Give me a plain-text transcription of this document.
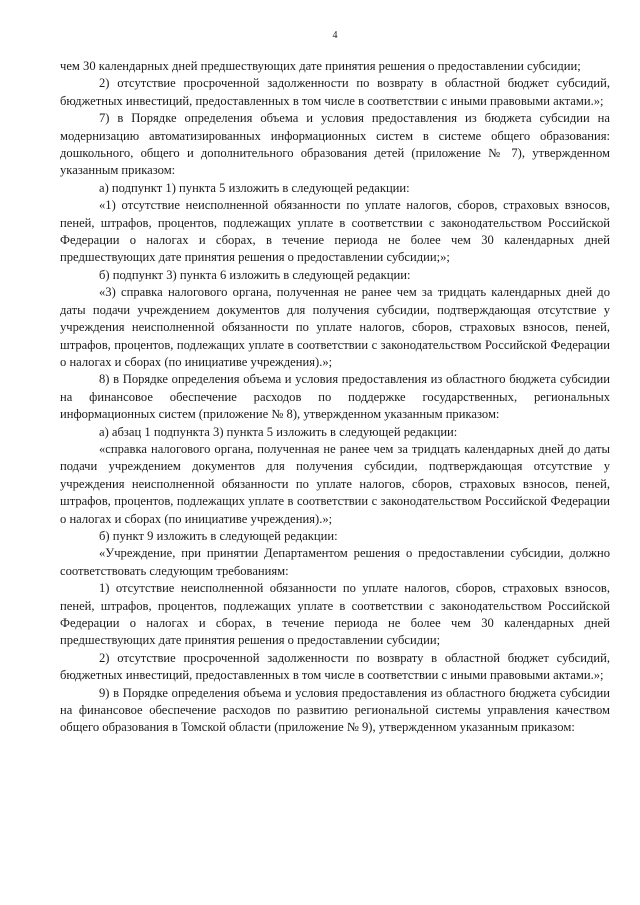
4

чем 30 календарных дней предшествующих дате принятия решения о предоставлении субсидии;

2) отсутствие просроченной задолженности по возврату в областной бюджет субсидий, бюджетных инвестиций, предоставленных в том числе в соответствии с иными правовыми актами.»;

7) в Порядке определения объема и условия предоставления из бюджета субсидии на модернизацию автоматизированных информационных систем в системе общего образования: дошкольного, общего и дополнительного образования детей (приложение № 7), утвержденном указанным приказом:

а) подпункт 1) пункта 5 изложить в следующей редакции:

«1) отсутствие неисполненной обязанности по уплате налогов, сборов, страховых взносов, пеней, штрафов, процентов, подлежащих уплате в соответствии с законодательством Российской Федерации о налогах и сборах, в течение периода не более чем 30 календарных дней предшествующих дате принятия решения о предоставлении субсидии;»;

б) подпункт 3) пункта 6 изложить в следующей редакции:

«3) справка налогового органа, полученная не ранее чем за тридцать календарных дней до даты подачи учреждением документов для получения субсидии, подтверждающая отсутствие у учреждения неисполненной обязанности по уплате налогов, сборов, страховых взносов, пеней, штрафов, процентов, подлежащих уплате в соответствии с законодательством Российской Федерации о налогах и сборах (по инициативе учреждения).»;

8) в Порядке определения объема и условия предоставления из областного бюджета субсидии на финансовое обеспечение расходов по поддержке государственных, региональных информационных систем (приложение № 8), утвержденном указанным приказом:

а) абзац 1 подпункта 3) пункта 5 изложить в следующей редакции:

«справка налогового органа, полученная не ранее чем за тридцать календарных дней до даты подачи учреждением документов для получения субсидии, подтверждающая отсутствие у учреждения неисполненной обязанности по уплате налогов, сборов, страховых взносов, пеней, штрафов, процентов, подлежащих уплате в соответствии с законодательством Российской Федерации о налогах и сборах (по инициативе учреждения).»;

б) пункт 9 изложить в следующей редакции:

«Учреждение, при принятии Департаментом решения о предоставлении субсидии, должно соответствовать следующим требованиям:

1) отсутствие неисполненной обязанности по уплате налогов, сборов, страховых взносов, пеней, штрафов, процентов, подлежащих уплате в соответствии с законодательством Российской Федерации о налогах и сборах, в течение периода не более чем 30 календарных дней предшествующих дате принятия решения о предоставлении субсидии;

2) отсутствие просроченной задолженности по возврату в областной бюджет субсидий, бюджетных инвестиций, предоставленных в том числе в соответствии с иными правовыми актами.»;

9) в Порядке определения объема и условия предоставления из областного бюджета субсидии на финансовое обеспечение расходов по развитию региональной системы управления качеством общего образования в Томской области (приложение № 9), утвержденном указанным приказом:
